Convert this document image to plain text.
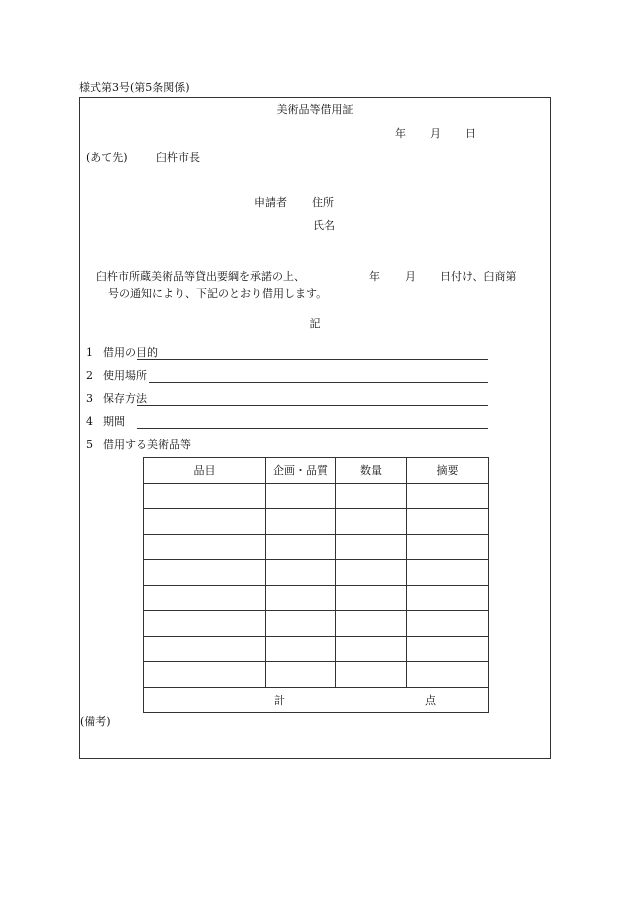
様式第3号(第5条関係)
美術品等借用証
年 月 日
(あて先)	臼杵市長
申請者 住所
氏名
臼杵市所蔵美術品等貸出要綱を承諾の上、	年 月 日付け、臼商第
号の通知により、下記のとおり借用します。
記
1 借用の目的
2 使用場所
3 保存方法
4 期間
5 借用する美術品等
品目	企画・品質	数量	摘要

計 点			
(備考)
